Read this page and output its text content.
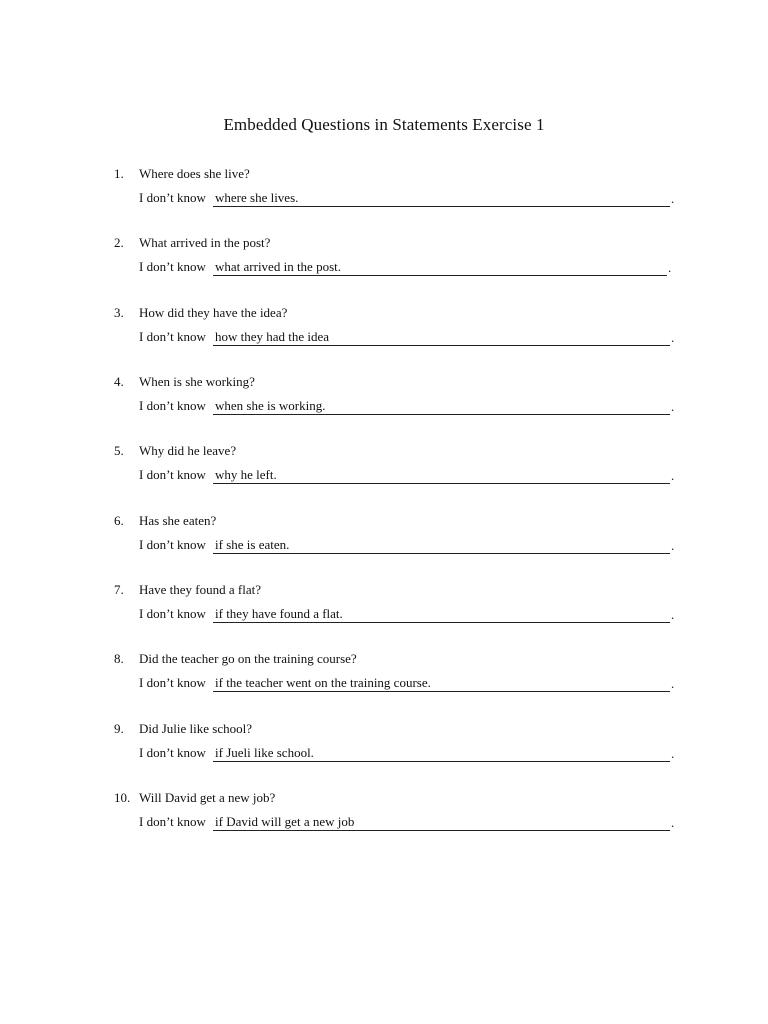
Embedded Questions in Statements Exercise 1
1.	Where does she live?
I don’t know where she lives.	.
2.	What arrived in the post?
I don’t know what arrived in the post.	.
3.	How did they have the idea?
I don’t know how they had the idea	.
4.	When is she working?
I don’t know when she is working.	.
5.	Why did he leave?
I don’t know why he left.	.
6.	Has she eaten?
I don’t know if she is eaten.	.
7.	Have they found a flat?
I don’t know if they have found a flat.	.
8.	Did the teacher go on the training course?
I don’t know if the teacher went on the training course.	.
9.	Did Julie like school?
I don’t know if Jueli like school.	.
10. Will David get a new job?
I don’t know if David will get a new job	.
